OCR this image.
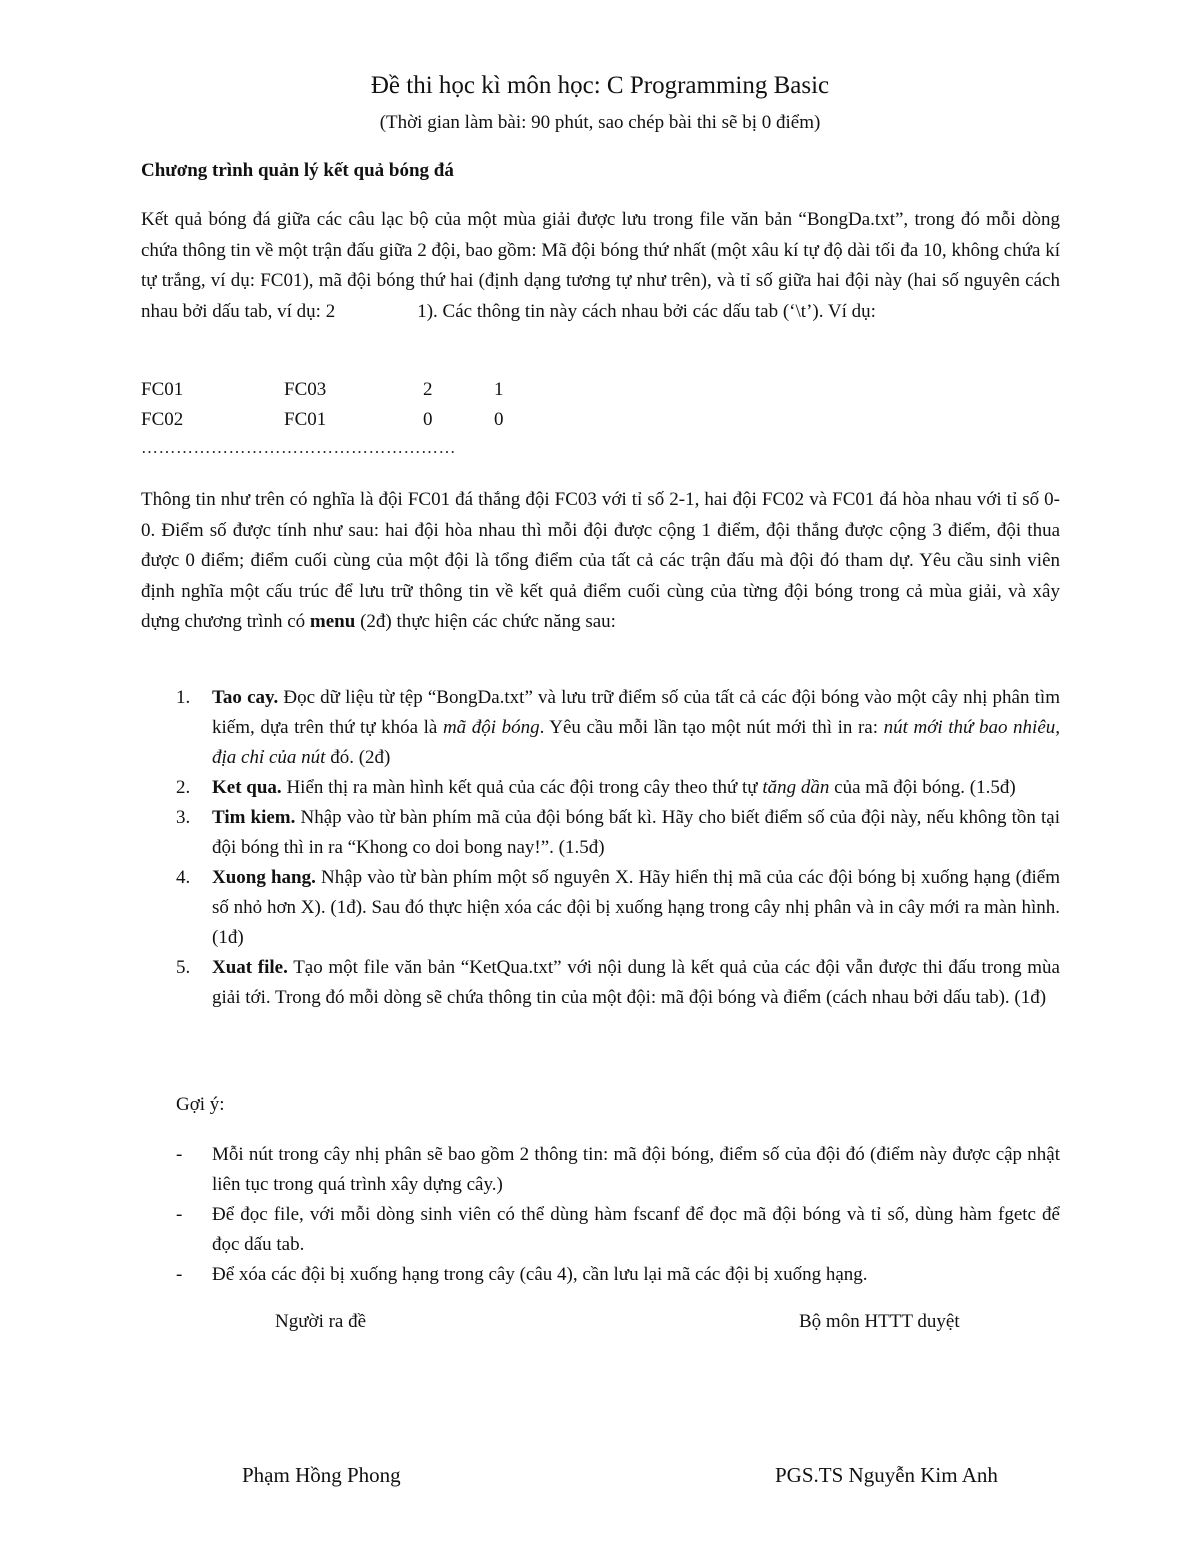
Đề thi học kì môn học: C Programming Basic
(Thời gian làm bài: 90 phút, sao chép bài thi sẽ bị 0 điểm)
Chương trình quản lý kết quả bóng đá

Kết quả bóng đá giữa các câu lạc bộ của một mùa giải được lưu trong file văn bản “BongDa.txt”, trong đó mỗi dòng chứa thông tin về một trận đấu giữa 2 đội, bao gồm: Mã đội bóng thứ nhất (một xâu kí tự độ dài tối đa 10, không chứa kí tự trắng, ví dụ: FC01), mã đội bóng thứ hai (định dạng tương tự như trên), và tỉ số giữa hai đội này (hai số nguyên cách nhau bởi dấu tab, ví dụ: 2	1). Các thông tin này cách nhau bởi các dấu tab (‘\t’). Ví dụ:

FC01	FC03	2	1
FC02	FC01	0	0
………………………………………………

Thông tin như trên có nghĩa là đội FC01 đá thắng đội FC03 với tỉ số 2-1, hai đội FC02 và FC01 đá hòa nhau với tỉ số 0-0. Điểm số được tính như sau: hai đội hòa nhau thì mỗi đội được cộng 1 điểm, đội thắng được cộng 3 điểm, đội thua được 0 điểm; điểm cuối cùng của một đội là tổng điểm của tất cả các trận đấu mà đội đó tham dự. Yêu cầu sinh viên định nghĩa một cấu trúc để lưu trữ thông tin về kết quả điểm cuối cùng của từng đội bóng trong cả mùa giải, và xây dựng chương trình có menu (2đ) thực hiện các chức năng sau:

1. Tao cay. Đọc dữ liệu từ tệp “BongDa.txt” và lưu trữ điểm số của tất cả các đội bóng vào một cây nhị phân tìm kiếm, dựa trên thứ tự khóa là mã đội bóng. Yêu cầu mỗi lần tạo một nút mới thì in ra: nút mới thứ bao nhiêu, địa chỉ của nút đó. (2đ)
2. Ket qua. Hiển thị ra màn hình kết quả của các đội trong cây theo thứ tự tăng dần của mã đội bóng. (1.5đ)
3. Tim kiem. Nhập vào từ bàn phím mã của đội bóng bất kì. Hãy cho biết điểm số của đội này, nếu không tồn tại đội bóng thì in ra “Khong co doi bong nay!”. (1.5đ)
4. Xuong hang. Nhập vào từ bàn phím một số nguyên X. Hãy hiển thị mã của các đội bóng bị xuống hạng (điểm số nhỏ hơn X). (1đ). Sau đó thực hiện xóa các đội bị xuống hạng trong cây nhị phân và in cây mới ra màn hình. (1đ)
5. Xuat file. Tạo một file văn bản “KetQua.txt” với nội dung là kết quả của các đội vẫn được thi đấu trong mùa giải tới. Trong đó mỗi dòng sẽ chứa thông tin của một đội: mã đội bóng và điểm (cách nhau bởi dấu tab). (1đ)
Gợi ý:
- Mỗi nút trong cây nhị phân sẽ bao gồm 2 thông tin: mã đội bóng, điểm số của đội đó (điểm này được cập nhật liên tục trong quá trình xây dựng cây.)
- Để đọc file, với mỗi dòng sinh viên có thể dùng hàm fscanf để đọc mã đội bóng và tỉ số, dùng hàm fgetc để đọc dấu tab.
- Để xóa các đội bị xuống hạng trong cây (câu 4), cần lưu lại mã các đội bị xuống hạng.
Người ra đề	Bộ môn HTTT duyệt
Phạm Hồng Phong	PGS.TS Nguyễn Kim Anh
